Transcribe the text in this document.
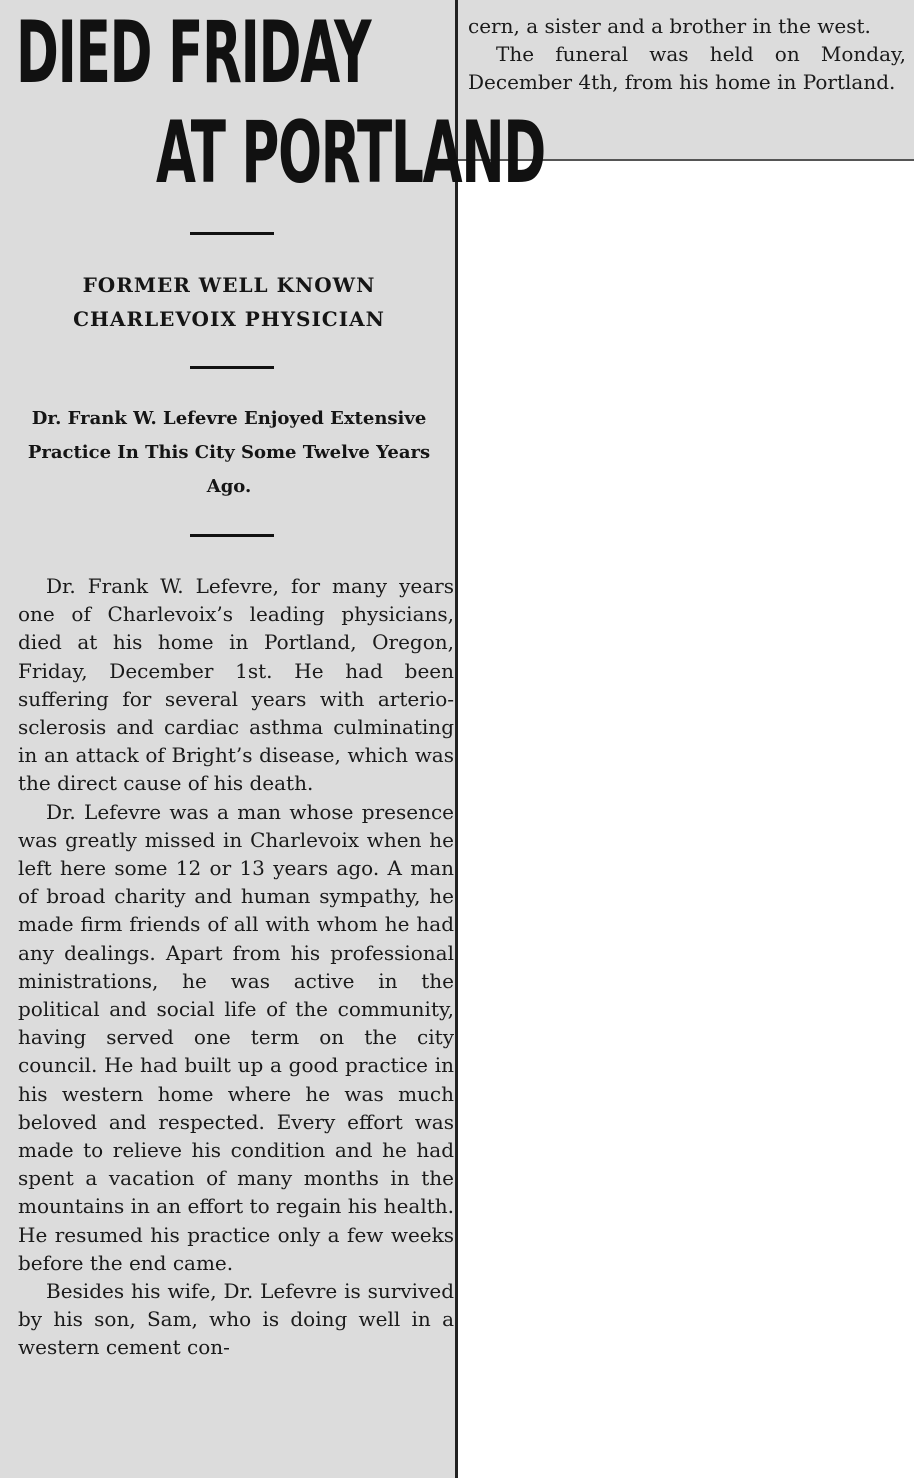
DIED FRIDAY
AT PORTLAND
FORMER WELL KNOWN CHARLEVOIX PHYSICIAN
Dr. Frank W. Lefevre Enjoyed Extensive Practice In This City Some Twelve Years Ago.

Dr. Frank W. Lefevre, for many years one of Charlevoix’s leading physicians, died at his home in Portland, Oregon, Friday, December 1st. He had been suffering for several years with arterio-sclerosis and cardiac asthma culminating in an attack of Bright’s disease, which was the direct cause of his death.

Dr. Lefevre was a man whose presence was greatly missed in Charlevoix when he left here some 12 or 13 years ago. A man of broad charity and human sympathy, he made firm friends of all with whom he had any dealings. Apart from his professional ministrations, he was active in the political and social life of the community, having served one term on the city council. He had built up a good practice in his western home where he was much beloved and respected. Every effort was made to relieve his condition and he had spent a vacation of many months in the mountains in an effort to regain his health. He resumed his practice only a few weeks before the end came.

Besides his wife, Dr. Lefevre is survived by his son, Sam, who is doing well in a western cement con-

cern, a sister and a brother in the west.

The funeral was held on Monday, December 4th, from his home in Portland.
